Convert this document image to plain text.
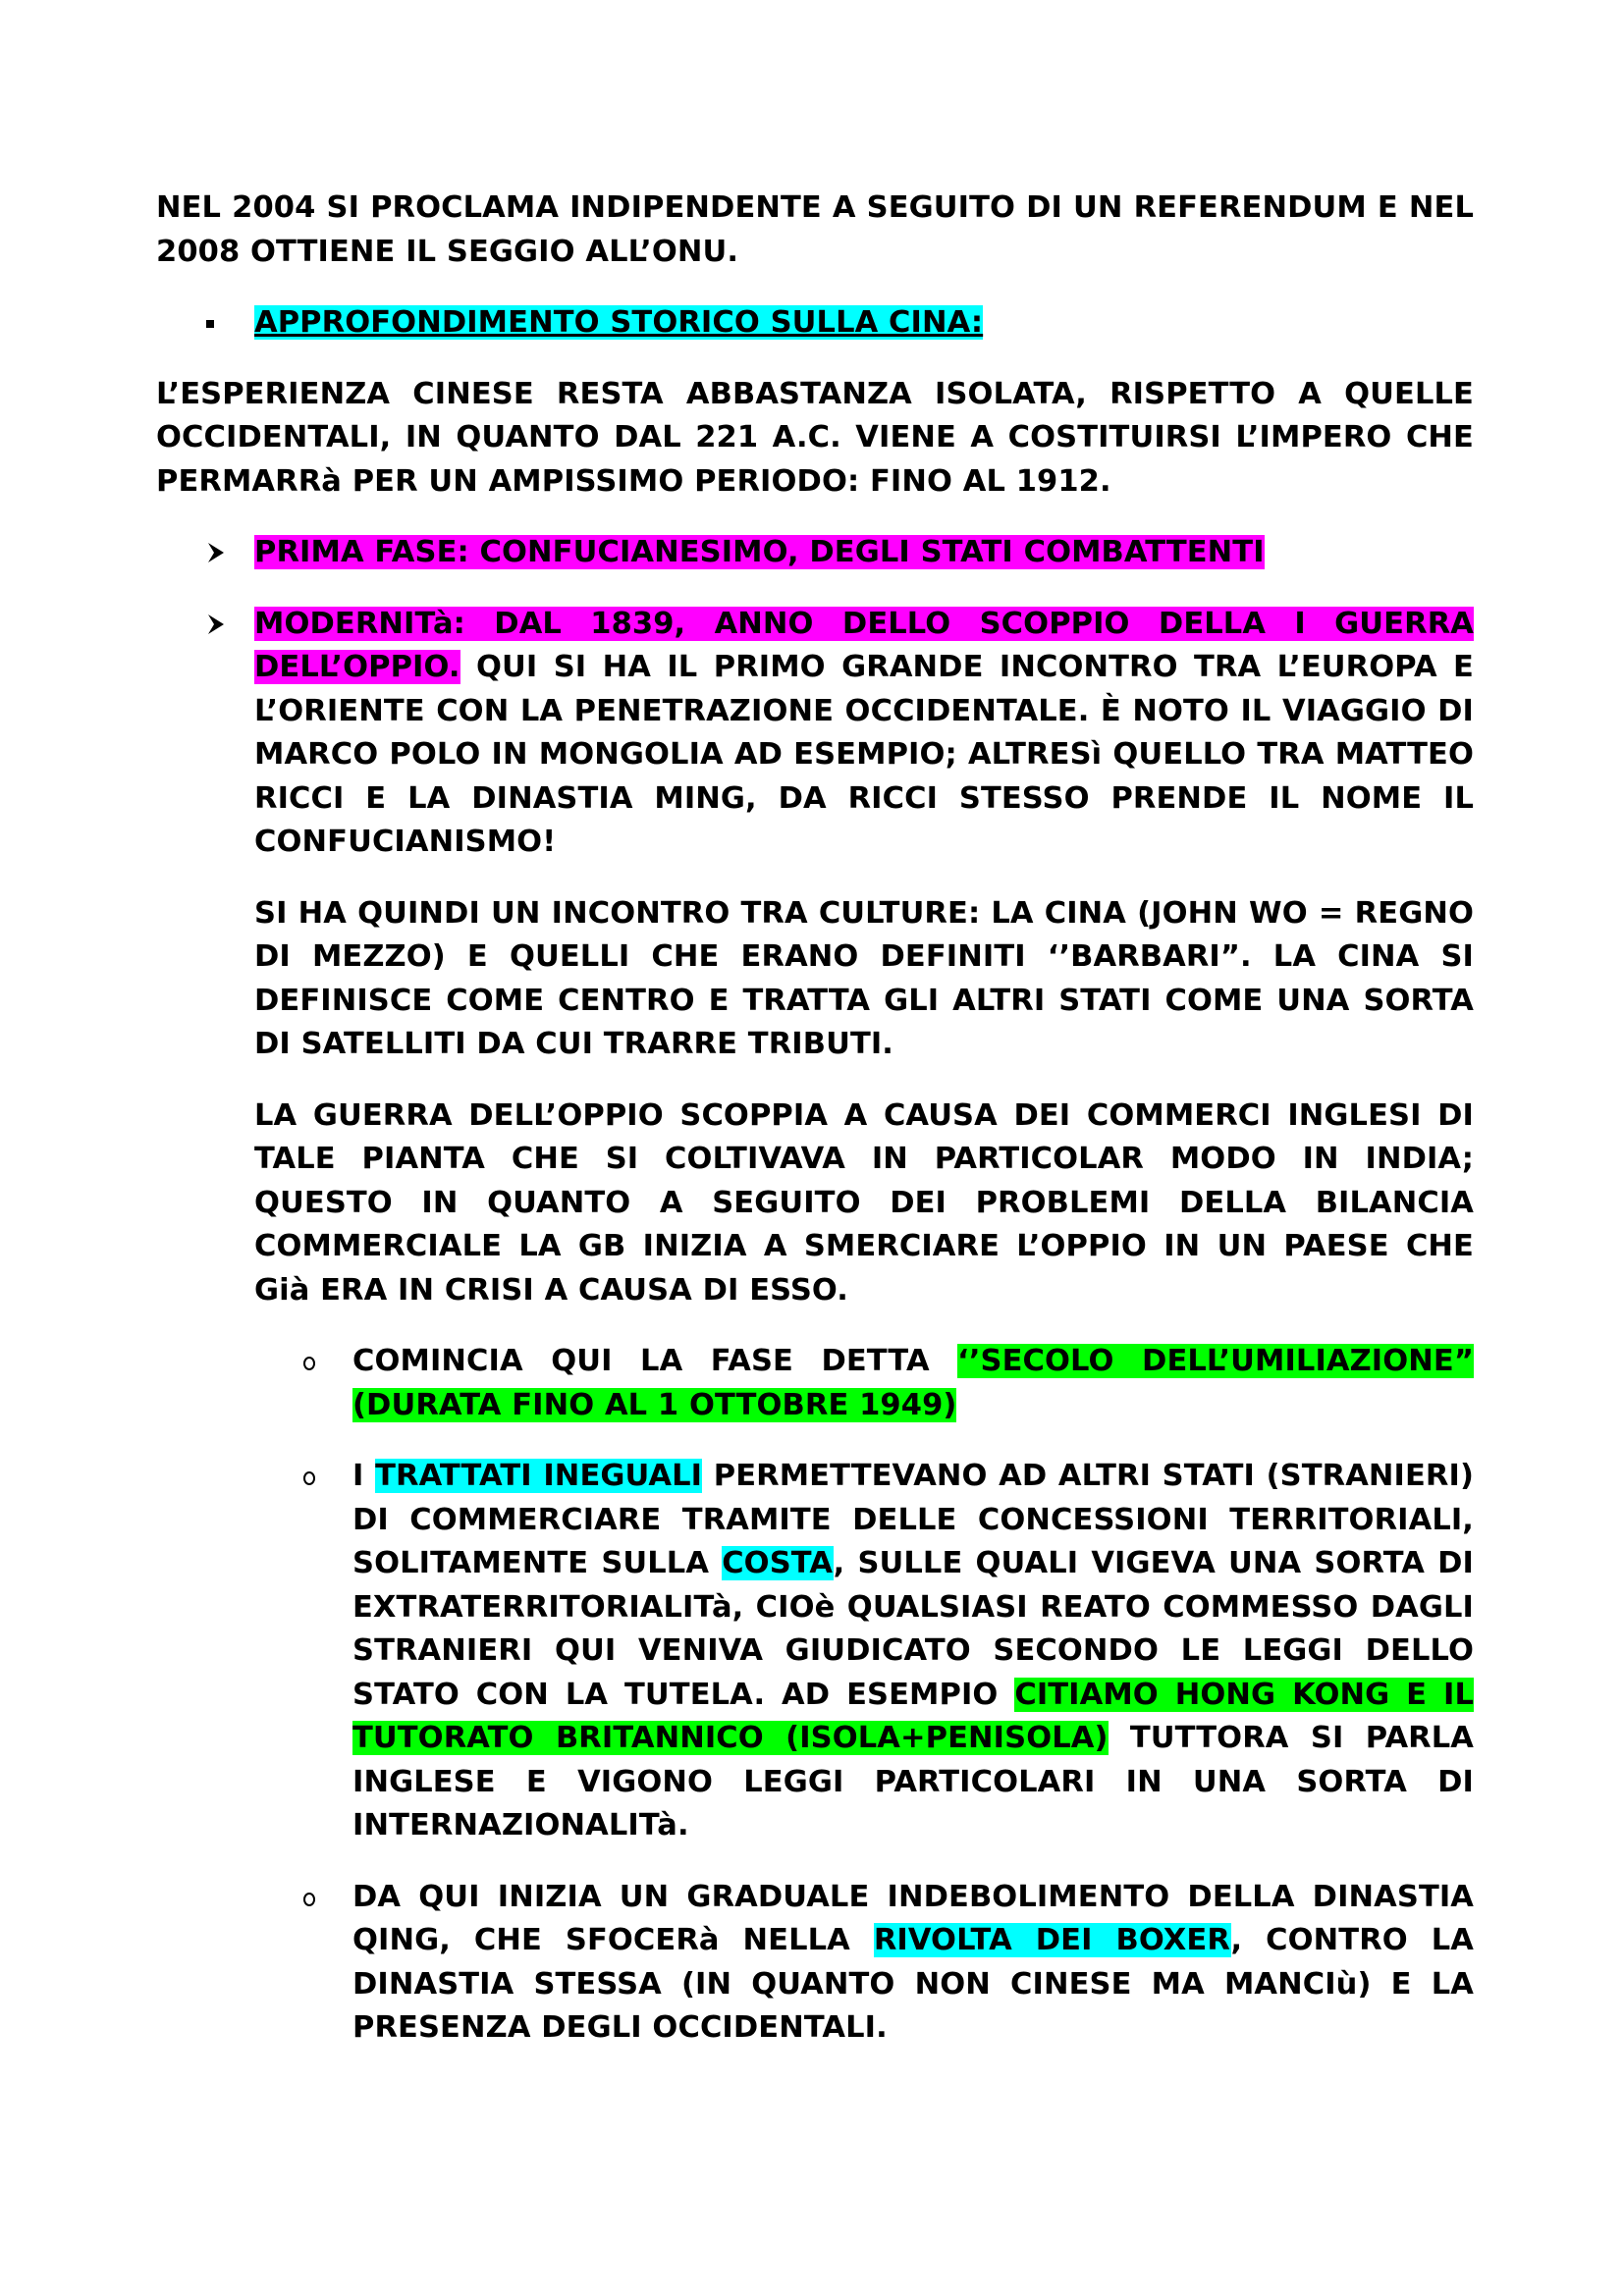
NEL 2004 SI PROCLAMA INDIPENDENTE A SEGUITO DI UN REFERENDUM E NEL 2008 OTTIENE IL SEGGIO ALL’ONU.

APPROFONDIMENTO STORICO SULLA CINA:

L’ESPERIENZA CINESE RESTA ABBASTANZA ISOLATA, RISPETTO A QUELLE OCCIDENTALI, IN QUANTO DAL 221 A.C. VIENE A COSTITUIRSI L’IMPERO CHE PERMARRà PER UN AMPISSIMO PERIODO: FINO AL 1912.

PRIMA FASE: CONFUCIANESIMO, DEGLI STATI COMBATTENTI

MODERNITà: DAL 1839, ANNO DELLO SCOPPIO DELLA I GUERRA DELL’OPPIO. QUI SI HA IL PRIMO GRANDE INCONTRO TRA L’EUROPA E L’ORIENTE CON LA PENETRAZIONE OCCIDENTALE. È NOTO IL VIAGGIO DI MARCO POLO IN MONGOLIA AD ESEMPIO; ALTRESì QUELLO TRA MATTEO RICCI E LA DINASTIA MING, DA RICCI STESSO PRENDE IL NOME IL CONFUCIANISMO!

SI HA QUINDI UN INCONTRO TRA CULTURE: LA CINA (JOHN WO = REGNO DI MEZZO) E QUELLI CHE ERANO DEFINITI ‘’BARBARI”. LA CINA SI DEFINISCE COME CENTRO E TRATTA GLI ALTRI STATI COME UNA SORTA DI SATELLITI DA CUI TRARRE TRIBUTI.

LA GUERRA DELL’OPPIO SCOPPIA A CAUSA DEI COMMERCI INGLESI DI TALE PIANTA CHE SI COLTIVAVA IN PARTICOLAR MODO IN INDIA; QUESTO IN QUANTO A SEGUITO DEI PROBLEMI DELLA BILANCIA COMMERCIALE LA GB INIZIA A SMERCIARE L’OPPIO IN UN PAESE CHE Già ERA IN CRISI A CAUSA DI ESSO.

COMINCIA QUI LA FASE DETTA ‘’SECOLO DELL’UMILIAZIONE” (DURATA FINO AL 1 OTTOBRE 1949)

I TRATTATI INEGUALI PERMETTEVANO AD ALTRI STATI (STRANIERI) DI COMMERCIARE TRAMITE DELLE CONCESSIONI TERRITORIALI, SOLITAMENTE SULLA COSTA, SULLE QUALI VIGEVA UNA SORTA DI EXTRATERRITORIALITà, CIOè QUALSIASI REATO COMMESSO DAGLI STRANIERI QUI VENIVA GIUDICATO SECONDO LE LEGGI DELLO STATO CON LA TUTELA. AD ESEMPIO CITIAMO HONG KONG E IL TUTORATO BRITANNICO (ISOLA+PENISOLA) TUTTORA SI PARLA INGLESE E VIGONO LEGGI PARTICOLARI IN UNA SORTA DI INTERNAZIONALITà.

DA QUI INIZIA UN GRADUALE INDEBOLIMENTO DELLA DINASTIA QING, CHE SFOCERà NELLA RIVOLTA DEI BOXER, CONTRO LA DINASTIA STESSA (IN QUANTO NON CINESE MA MANCIù) E LA PRESENZA DEGLI OCCIDENTALI.
